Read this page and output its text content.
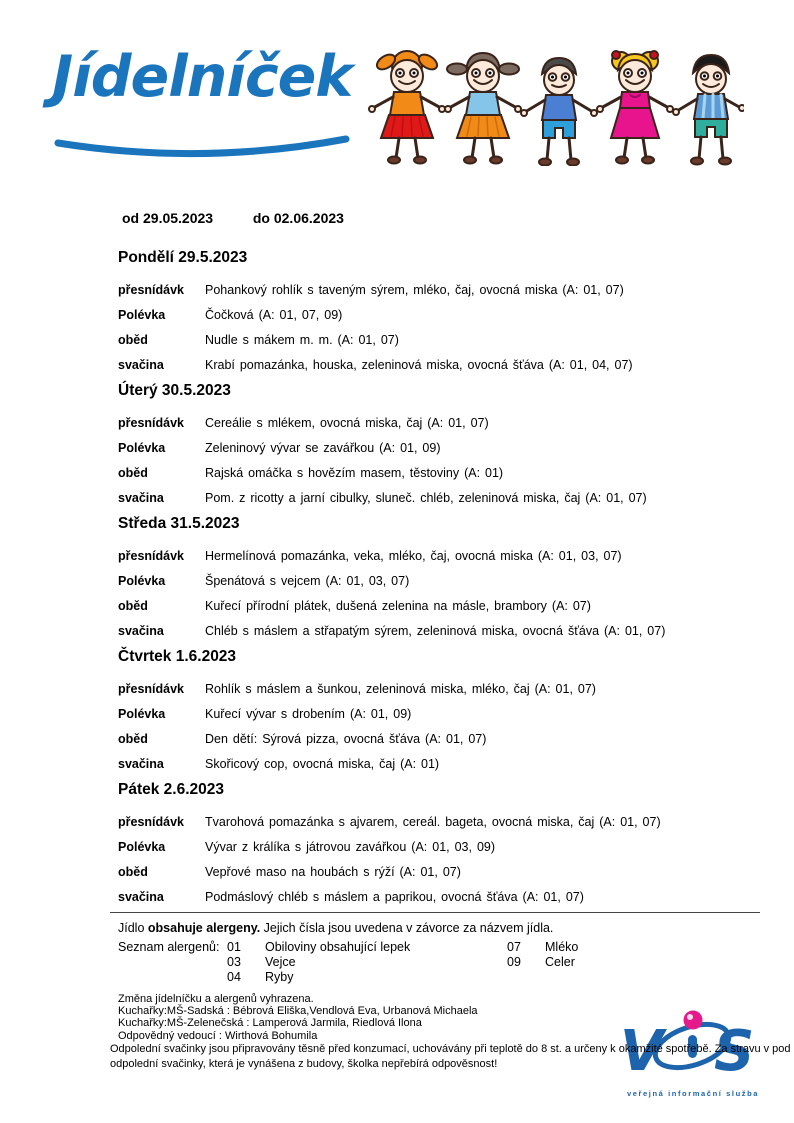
Jídelníček
od 29.05.2023	do 02.06.2023
Pondělí 29.5.2023
přesnídávk	Pohankový rohlík s taveným sýrem, mléko, čaj, ovocná miska (A: 01, 07)
Polévka	Čočková (A: 01, 07, 09)
oběd	Nudle s mákem m. m. (A: 01, 07)
svačina	Krabí pomazánka, houska, zeleninová miska, ovocná šťáva (A: 01, 04, 07)
Úterý 30.5.2023
přesnídávk	Cereálie s mlékem, ovocná miska, čaj (A: 01, 07)
Polévka	Zeleninový vývar se zavářkou (A: 01, 09)
oběd	Rajská omáčka s hovězím masem, těstoviny (A: 01)
svačina	Pom. z ricotty a jarní cibulky, sluneč. chléb, zeleninová miska, čaj (A: 01, 07)
Středa 31.5.2023
přesnídávk	Hermelínová pomazánka, veka, mléko, čaj, ovocná miska (A: 01, 03, 07)
Polévka	Špenátová s vejcem (A: 01, 03, 07)
oběd	Kuřecí přírodní plátek, dušená zelenina na másle, brambory (A: 07)
svačina	Chléb s máslem a střapatým sýrem, zeleninová miska, ovocná šťáva (A: 01, 07)
Čtvrtek 1.6.2023
přesnídávk	Rohlík s máslem a šunkou, zeleninová miska, mléko, čaj (A: 01, 07)
Polévka	Kuřecí vývar s drobením (A: 01, 09)
oběd	Den dětí: Sýrová pizza, ovocná šťáva (A: 01, 07)
svačina	Skořicový cop, ovocná miska, čaj (A: 01)
Pátek 2.6.2023
přesnídávk	Tvarohová pomazánka s ajvarem, cereál. bageta, ovocná miska, čaj (A: 01, 07)
Polévka	Vývar z králíka s játrovou zavářkou (A: 01, 03, 09)
oběd	Vepřové maso na houbách s rýží (A: 01, 07)
svačina	Podmáslový chléb s máslem a paprikou, ovocná šťáva (A: 01, 07)
Jídlo obsahuje alergeny. Jejich čísla jsou uvedena v závorce za názvem jídla.
Seznam alergenů: 01	Obiloviny obsahující lepek
03	Vejce
04	Ryby
07	Mléko
09	Celer
Změna jídelníčku a alergenů vyhrazena.
Kuchařky:MŠ-Sadská : Bébrová Eliška,Vendlová Eva, Urbanová Michaela
Kuchařky:MŠ-Zelenečská : Lamperová Jarmila, Riedlová Ilona
Odpovědný vedoucí : Wirthová Bohumila
Odpolední svačinky jsou připravovány těsně před konzumací, uchovávány při teplotě do 8 st. a určeny k okamžité spotřebě. Za stravu v pod
odpolední svačinky, která je vynášena z budovy, školka nepřebírá odpověsnost!	V S
veřejná informační služba
